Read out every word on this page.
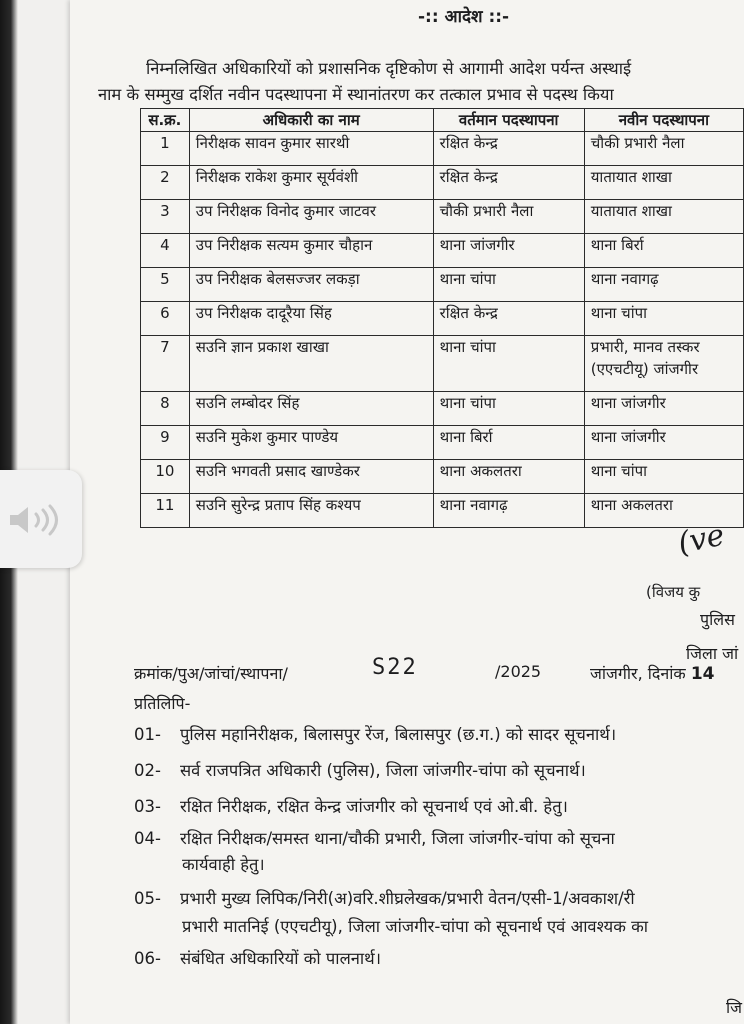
-:: आदेश ::-
निम्नलिखित अधिकारियों को प्रशासनिक दृष्टिकोण से आगामी आदेश पर्यन्त अस्थाई
नाम के सम्मुख दर्शित नवीन पदस्थापना में स्थानांतरण कर तत्काल प्रभाव से पदस्थ किया
स.क्र.	अधिकारी का नाम	वर्तमान पदस्थापना	नवीन पदस्थापना
1	निरीक्षक सावन कुमार सारथी	रक्षित केन्द्र	चौकी प्रभारी नैला
2	निरीक्षक राकेश कुमार सूर्यवंशी	रक्षित केन्द्र	यातायात शाखा
3	उप निरीक्षक विनोद कुमार जाटवर	चौकी प्रभारी नैला	यातायात शाखा
4	उप निरीक्षक सत्यम कुमार चौहान	थाना जांजगीर	थाना बिर्रा
5	उप निरीक्षक बेलसज्जर लकड़ा	थाना चांपा	थाना नवागढ़
6	उप निरीक्षक दादूरैया सिंह	रक्षित केन्द्र	थाना चांपा
7	सउनि ज्ञान प्रकाश खाखा	थाना चांपा	प्रभारी, मानव तस्कर
(एएचटीयू) जांजगीर

8	सउनि लम्बोदर सिंह	थाना चांपा	थाना जांजगीर
9	सउनि मुकेश कुमार पाण्डेय	थाना बिर्रा	थाना जांजगीर
10	सउनि भगवती प्रसाद खाण्डेकर	थाना अकलतरा	थाना चांपा
11	सउनि सुरेन्द्र प्रताप सिंह कश्यप	थाना नवागढ़	थाना अकलतरा
(ve
(विजय कु
पुलिस
जिला जां
क्रमांक/पुअ/जांचां/स्थापना/	S22	/2025	जांजगीर, दिनांक 14
प्रतिलिपि-
01- पुलिस महानिरीक्षक, बिलासपुर रेंज, बिलासपुर (छ.ग.) को सादर सूचनार्थ।
02- सर्व राजपत्रित अधिकारी (पुलिस), जिला जांजगीर-चांपा को सूचनार्थ।
03- रक्षित निरीक्षक, रक्षित केन्द्र जांजगीर को सूचनार्थ एवं ओ.बी. हेतु।
04- रक्षित निरीक्षक/समस्त थाना/चौकी प्रभारी, जिला जांजगीर-चांपा को सूचना
कार्यवाही हेतु।
05- प्रभारी मुख्य लिपिक/निरी(अ)वरि.शीघ्रलेखक/प्रभारी वेतन/एसी-1/अवकाश/री
प्रभारी मातनिई (एएचटीयू), जिला जांजगीर-चांपा को सूचनार्थ एवं आवश्यक का
06- संबंधित अधिकारियों को पालनार्थ।
जि
